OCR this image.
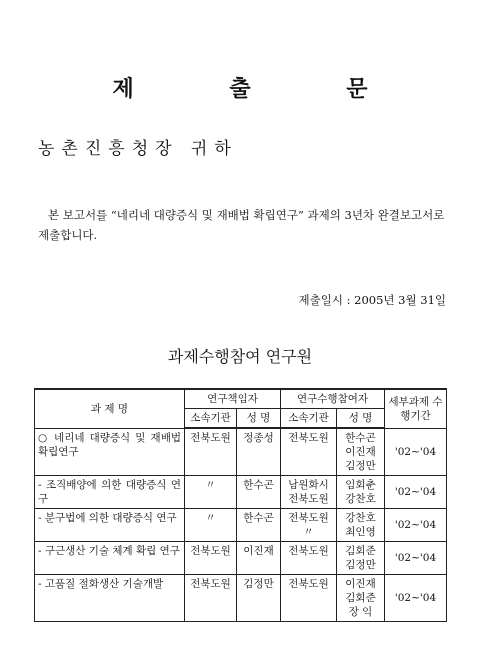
제 출 문
농촌진흥청장 귀하
본 보고서를 “네리네 대량증식 및 재배법 확립연구” 과제의 3년차 완결보고서로 제출합니다.
제출일시 : 2005년 3월 31일
과제수행참여 연구원
과 제 명	연구책임자		연구수행참여자		세부과제 수행기간
	소속기관	성 명	소속기관	성 명	
○ 네리네 대량증식 및 재배법 확립연구	전북도원	정종성	전북도원	한수곤
이진재
김정만	'02∼'04
- 조직배양에 의한 대량증식 연구	〃	한수곤	남원화시 전북도원	임회춘
강찬호	'02∼'04
- 분구법에 의한 대량증식 연구	〃	한수곤	전북도원 〃	강찬호
최인영	'02∼'04
- 구근생산 기술 체계 확립 연구	전북도원	이진재	전북도원	김회준
김정만	'02∼'04
- 고품질 절화생산 기술개발	전북도원	김정만	전북도원	이진재
김회준
장 익	'02∼'04
